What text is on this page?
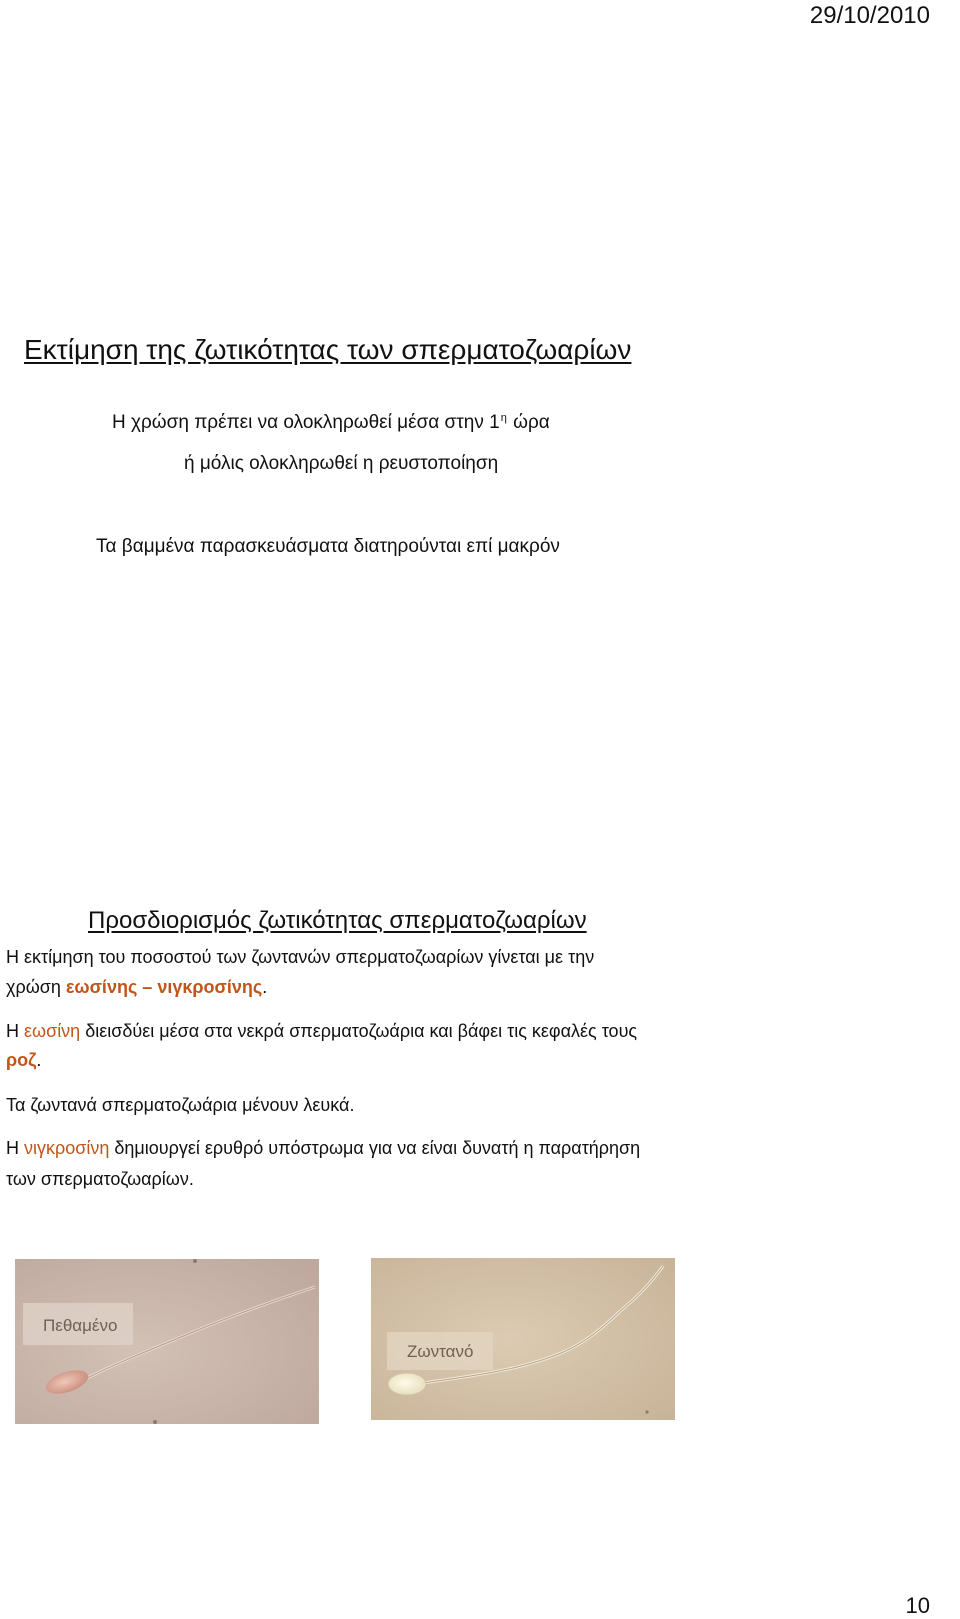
29/10/2010
Εκτίμηση της ζωτικότητας των σπερματοζωαρίων
Η χρώση πρέπει να ολοκληρωθεί μέσα στην $1^\eta$ ώρα
ή μόλις ολοκληρωθεί η ρευστοποίηση
Τα βαμμένα παρασκευάσματα διατηρούνται επί μακρόν
Προσδιορισμός ζωτικότητας σπερματοζωαρίων
Η εκτίμηση του ποσοστού των ζωντανών σπερματοζωαρίων γίνεται με την
χρώση εωσίνης – νιγκροσίνης.
Η εωσίνη διεισδύει μέσα στα νεκρά σπερματοζωάρια και βάφει τις κεφαλές τους
ροζ.
Τα ζωντανά σπερματοζωάρια μένουν λευκά.
Η νιγκροσίνη δημιουργεί ερυθρό υπόστρωμα για να είναι δυνατή η παρατήρηση
των σπερματοζωαρίων.
Πεθαμένο
Ζωντανό
10
